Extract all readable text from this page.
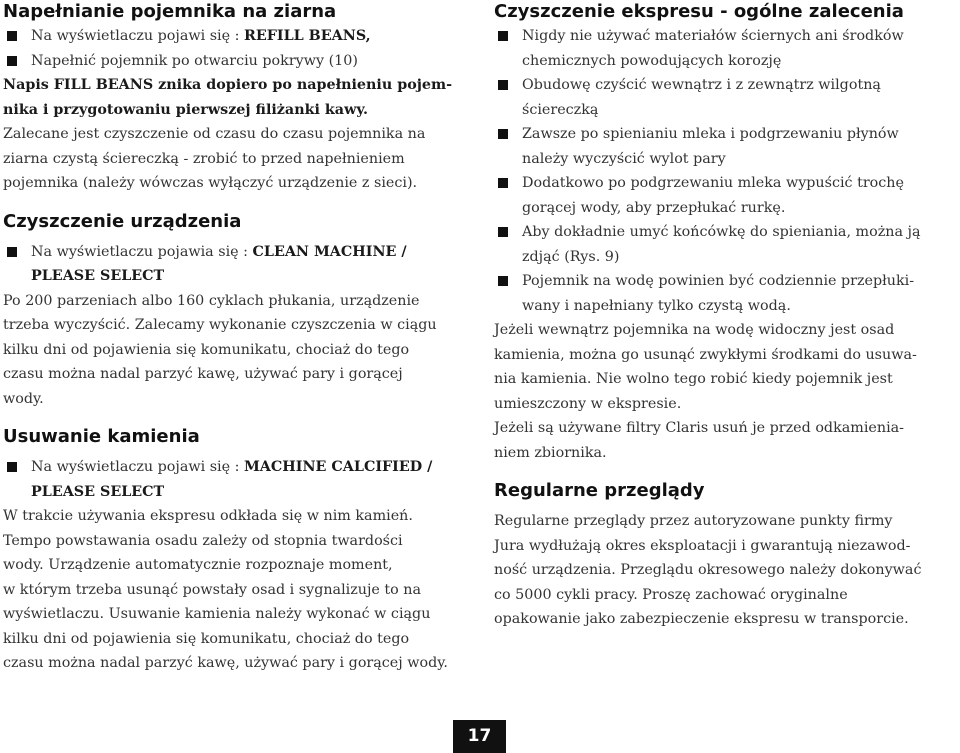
Napełnianie pojemnika na ziarna
Na wyświetlaczu pojawi się : REFILL BEANS,
Napełnić pojemnik po otwarciu pokrywy (10)

Napis FILL BEANS znika dopiero po napełnieniu pojem-
nika i przygotowaniu pierwszej filiżanki kawy.

Zalecane jest czyszczenie od czasu do czasu pojemnika na
ziarna czystą ściereczką - zrobić to przed napełnieniem
pojemnika (należy wówczas wyłączyć urządzenie z sieci).

Czyszczenie urządzenia
Na wyświetlaczu pojawia się : CLEAN MACHINE /
PLEASE SELECT

Po 200 parzeniach albo 160 cyklach płukania, urządzenie
trzeba wyczyścić. Zalecamy wykonanie czyszczenia w ciągu
kilku dni od pojawienia się komunikatu, chociaż do tego
czasu można nadal parzyć kawę, używać pary i gorącej
wody.

Usuwanie kamienia
Na wyświetlaczu pojawi się : MACHINE CALCIFIED /
PLEASE SELECT

W trakcie używania ekspresu odkłada się w nim kamień.
Tempo powstawania osadu zależy od stopnia twardości
wody. Urządzenie automatycznie rozpoznaje moment,
w którym trzeba usunąć powstały osad i sygnalizuje to na
wyświetlaczu. Usuwanie kamienia należy wykonać w ciągu
kilku dni od pojawienia się komunikatu, chociaż do tego
czasu można nadal parzyć kawę, używać pary i gorącej wody.

Czyszczenie ekspresu - ogólne zalecenia
Nigdy nie używać materiałów ściernych ani środków
chemicznych powodujących korozję
Obudowę czyścić wewnątrz i z zewnątrz wilgotną
ściereczką
Zawsze po spienianiu mleka i podgrzewaniu płynów
należy wyczyścić wylot pary
Dodatkowo po podgrzewaniu mleka wypuścić trochę
gorącej wody, aby przepłukać rurkę.
Aby dokładnie umyć końcówkę do spieniania, można ją
zdjąć (Rys. 9)
Pojemnik na wodę powinien być codziennie przepłuki-
wany i napełniany tylko czystą wodą.

Jeżeli wewnątrz pojemnika na wodę widoczny jest osad
kamienia, można go usunąć zwykłymi środkami do usuwa-
nia kamienia. Nie wolno tego robić kiedy pojemnik jest
umieszczony w ekspresie.

Jeżeli są używane filtry Claris usuń je przed odkamienia-
niem zbiornika.

Regularne przeglądy

Regularne przeglądy przez autoryzowane punkty firmy
Jura wydłużają okres eksploatacji i gwarantują niezawod-
ność urządzenia. Przeglądu okresowego należy dokonywać
co 5000 cykli pracy. Proszę zachować oryginalne
opakowanie jako zabezpieczenie ekspresu w transporcie.

17
